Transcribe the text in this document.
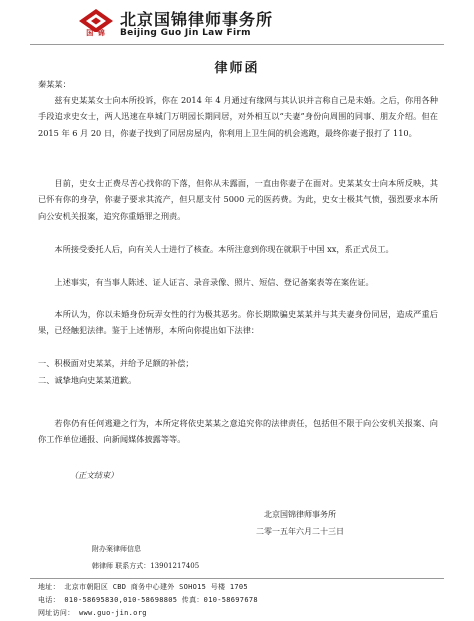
国 锦
北京国锦律师事务所
Beijing Guo Jin Law Firm
律师函
秦某某：

兹有史某某女士向本所投诉，你在 2014 年 4 月通过有缘网与其认识并言称自己是未婚。之后，你用各种手段追求史女士，两人迅速在阜城门万明园长期同居，对外相互以“夫妻”身份向周围的同事、朋友介绍。但在 2015 年 6 月 20 日，你妻子找到了同居房屋内，你利用上卫生间的机会逃跑，最终你妻子报打了 110。

目前，史女士正费尽苦心找你的下落，但你从未露面，一直由你妻子在面对。史某某女士向本所反映，其已怀有你的身孕，你妻子要求其流产，但只愿支付 5000 元的医药费。为此，史女士极其气愤，强烈要求本所向公安机关报案，追究你重婚罪之刑责。

本所接受委托人后，向有关人士进行了核查。本所注意到你现在就职于中国 xx，系正式员工。

上述事实，有当事人陈述、证人证言、录音录像、照片、短信、登记备案表等在案佐证。

本所认为，你以未婚身份玩弄女性的行为极其恶劣。你长期欺骗史某某并与其夫妻身份同居，造成严重后果，已经触犯法律。鉴于上述情形，本所向你提出如下法律：

一、积极面对史某某，并给予足额的补偿；
二、诚挚地向史某某道歉。

若你仍有任何逃避之行为，本所定将依史某某之意追究你的法律责任，包括但不限于向公安机关报案、向你工作单位通报、向新闻媒体披露等等。

（正文结束）
北京国锦律师事务所
二零一五年六月二十三日
附办案律师信息
韩律师 联系方式：13901217405
地址： 北京市朝阳区 CBD 商务中心建外 SOHO15 号楼 1705
电话： 010-58695830,010-58698805 传真：010-58697678
网址访问： www.guo-jin.org
